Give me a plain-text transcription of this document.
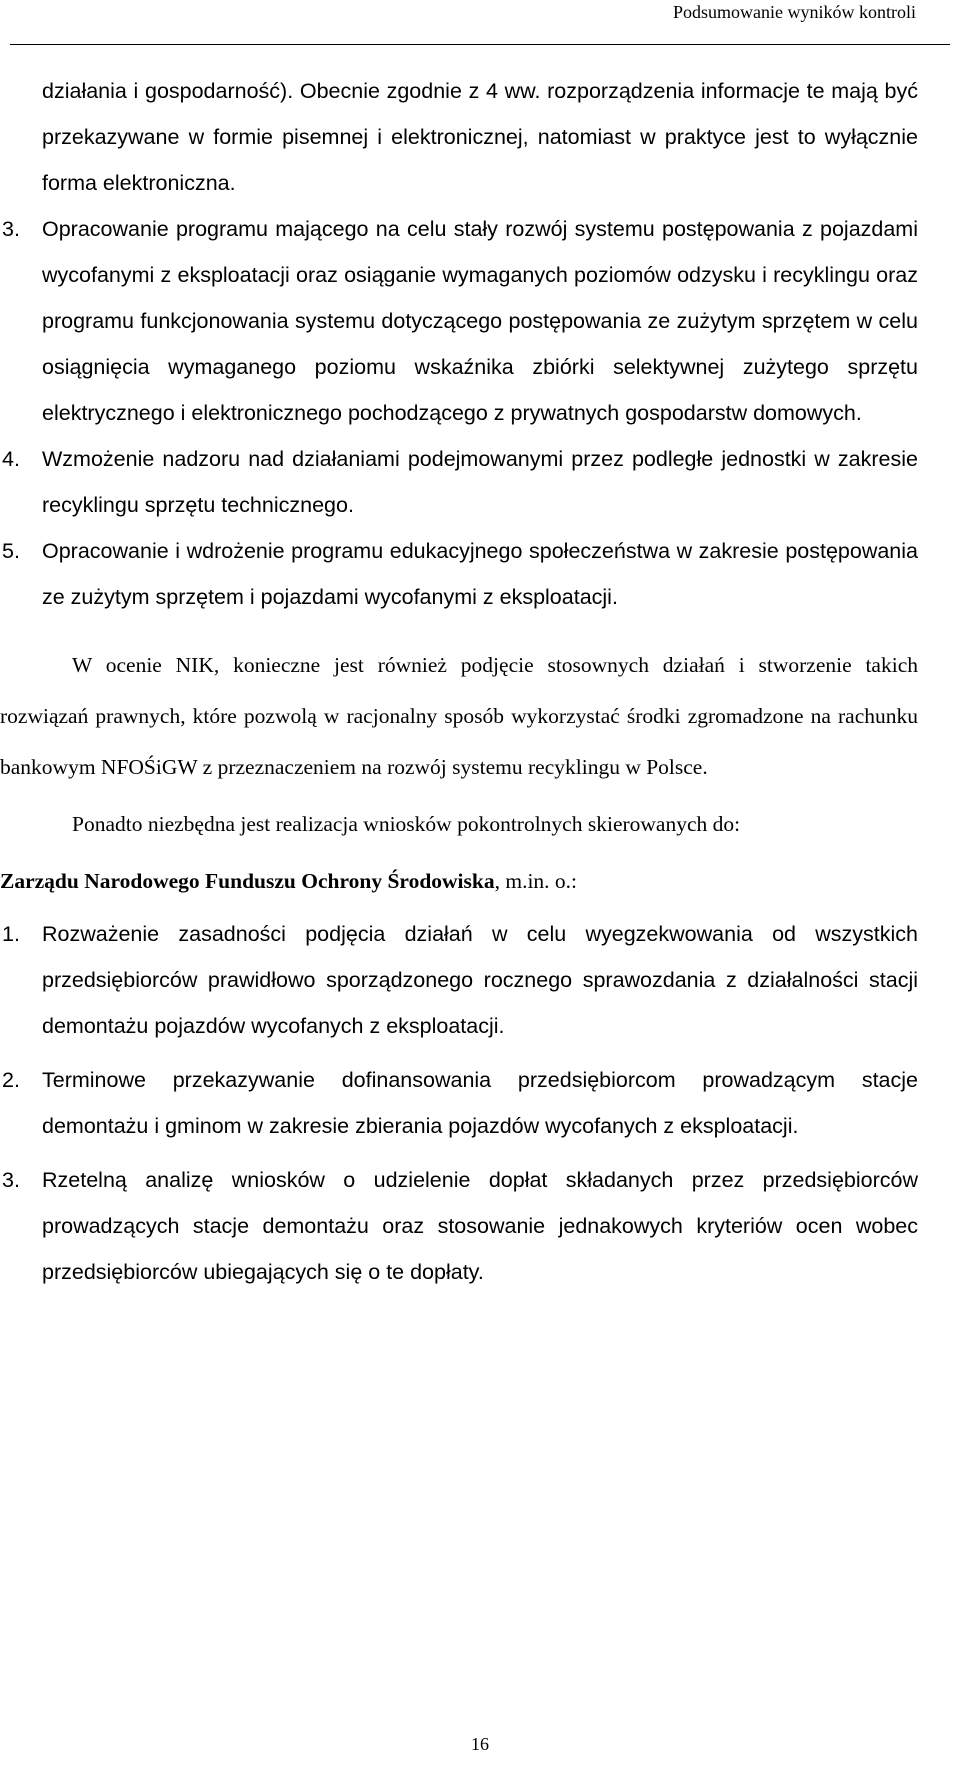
Podsumowanie wyników kontroli

działania i gospodarność). Obecnie zgodnie z 4 ww. rozporządzenia informacje te mają być przekazywane w formie pisemnej i elektronicznej, natomiast w praktyce jest to wyłącznie forma elektroniczna.

3. Opracowanie programu mającego na celu stały rozwój systemu postępowania z pojazdami wycofanymi z eksploatacji oraz osiąganie wymaganych poziomów odzysku i recyklingu oraz programu funkcjonowania systemu dotyczącego postępowania ze zużytym sprzętem w celu osiągnięcia wymaganego poziomu wskaźnika zbiórki selektywnej zużytego sprzętu elektrycznego i elektronicznego pochodzącego z prywatnych gospodarstw domowych.
4. Wzmożenie nadzoru nad działaniami podejmowanymi przez podległe jednostki w zakresie recyklingu sprzętu technicznego.
5. Opracowanie i wdrożenie programu edukacyjnego społeczeństwa w zakresie postępowania ze zużytym sprzętem i pojazdami wycofanymi z eksploatacji.

W ocenie NIK, konieczne jest również podjęcie stosownych działań i stworzenie takich rozwiązań prawnych, które pozwolą w racjonalny sposób wykorzystać środki zgromadzone na rachunku bankowym NFOŚiGW z przeznaczeniem na rozwój systemu recyklingu w Polsce.

Ponadto niezbędna jest realizacja wniosków pokontrolnych skierowanych do:

Zarządu Narodowego Funduszu Ochrony Środowiska, m.in. o.:

1. Rozważenie zasadności podjęcia działań w celu wyegzekwowania od wszystkich przedsiębiorców prawidłowo sporządzonego rocznego sprawozdania z działalności stacji demontażu pojazdów wycofanych z eksploatacji.
2. Terminowe przekazywanie dofinansowania przedsiębiorcom prowadzącym stacje demontażu i gminom w zakresie zbierania pojazdów wycofanych z eksploatacji.
3. Rzetelną analizę wniosków o udzielenie dopłat składanych przez przedsiębiorców prowadzących stacje demontażu oraz stosowanie jednakowych kryteriów ocen wobec przedsiębiorców ubiegających się o te dopłaty.
16
